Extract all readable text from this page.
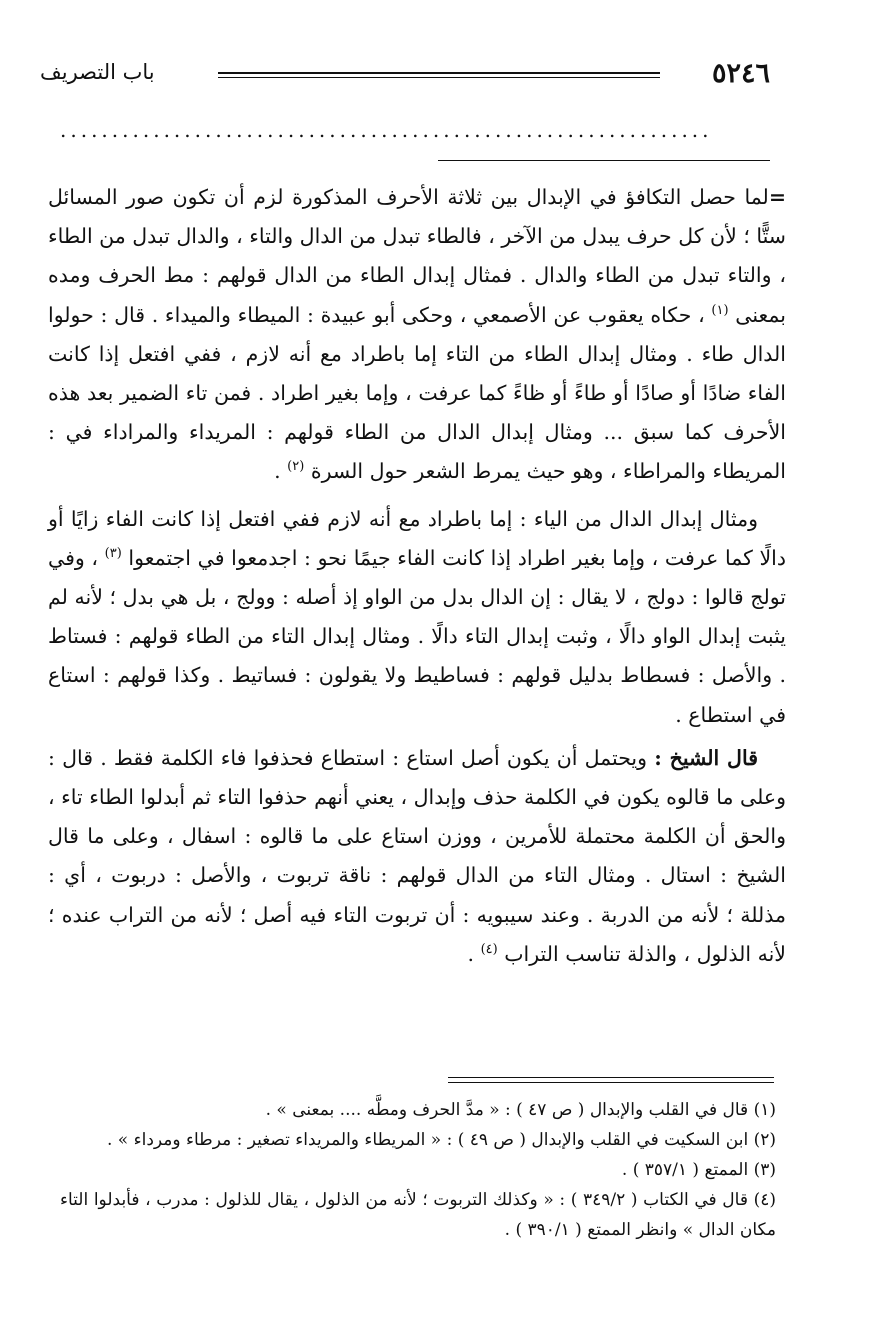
٥٢٤٦
باب التصريف
...............................................................

=لما حصل التكافؤ في الإبدال بين ثلاثة الأحرف المذكورة لزم أن تكون صور المسائل ستًّا ؛ لأن كل حرف يبدل من الآخر ، فالطاء تبدل من الدال والتاء ، والدال تبدل من الطاء ، والتاء تبدل من الطاء والدال . فمثال إبدال الطاء من الدال قولهم : مط الحرف ومده بمعنى $^{(١)}$ ، حكاه يعقوب عن الأصمعي ، وحكى أبو عبيدة : الميطاء والميداء . قال : حولوا الدال طاء . ومثال إبدال الطاء من التاء إما باطراد مع أنه لازم ، ففي افتعل إذا كانت الفاء ضادًا أو صادًا أو طاءً أو ظاءً كما عرفت ، وإما بغير اطراد . فمن تاء الضمير بعد هذه الأحرف كما سبق ... ومثال إبدال الدال من الطاء قولهم : المريداء والمراداء في : المريطاء والمراطاء ، وهو حيث يمرط الشعر حول السرة $^{(٢)}$ .

ومثال إبدال الدال من الياء : إما باطراد مع أنه لازم ففي افتعل إذا كانت الفاء زايًا أو دالًا كما عرفت ، وإما بغير اطراد إذا كانت الفاء جيمًا نحو : اجدمعوا في اجتمعوا $^{(٣)}$ ، وفي تولج قالوا : دولج ، لا يقال : إن الدال بدل من الواو إذ أصله : وولج ، بل هي بدل ؛ لأنه لم يثبت إبدال الواو دالًا ، وثبت إبدال التاء دالًا . ومثال إبدال التاء من الطاء قولهم : فستاط . والأصل : فسطاط بدليل قولهم : فساطيط ولا يقولون : فساتيط . وكذا قولهم : استاع في استطاع .

قال الشيخ : ويحتمل أن يكون أصل استاع : استطاع فحذفوا فاء الكلمة فقط . قال : وعلى ما قالوه يكون في الكلمة حذف وإبدال ، يعني أنهم حذفوا التاء ثم أبدلوا الطاء تاء ، والحق أن الكلمة محتملة للأمرين ، ووزن استاع على ما قالوه : اسفال ، وعلى ما قال الشيخ : استال . ومثال التاء من الدال قولهم : ناقة تربوت ، والأصل : دربوت ، أي : مذللة ؛ لأنه من الدربة . وعند سيبويه : أن تربوت التاء فيه أصل ؛ لأنه من التراب عنده ؛ لأنه الذلول ، والذلة تناسب التراب $^{(٤)}$ .

(١) قال في القلب والإبدال ( ص ٤٧ ) : « مدَّ الحرف ومطَّه .... بمعنى » .

(٢) ابن السكيت في القلب والإبدال ( ص ٤٩ ) : « المريطاء والمريداء تصغير : مرطاء ومرداء » .

(٣) الممتع ( ٣٥٧/١ ) .

(٤) قال في الكتاب ( ٣٤٩/٢ ) : « وكذلك التربوت ؛ لأنه من الذلول ، يقال للذلول : مدرب ، فأبدلوا التاء مكان الدال » وانظر الممتع ( ٣٩٠/١ ) .
